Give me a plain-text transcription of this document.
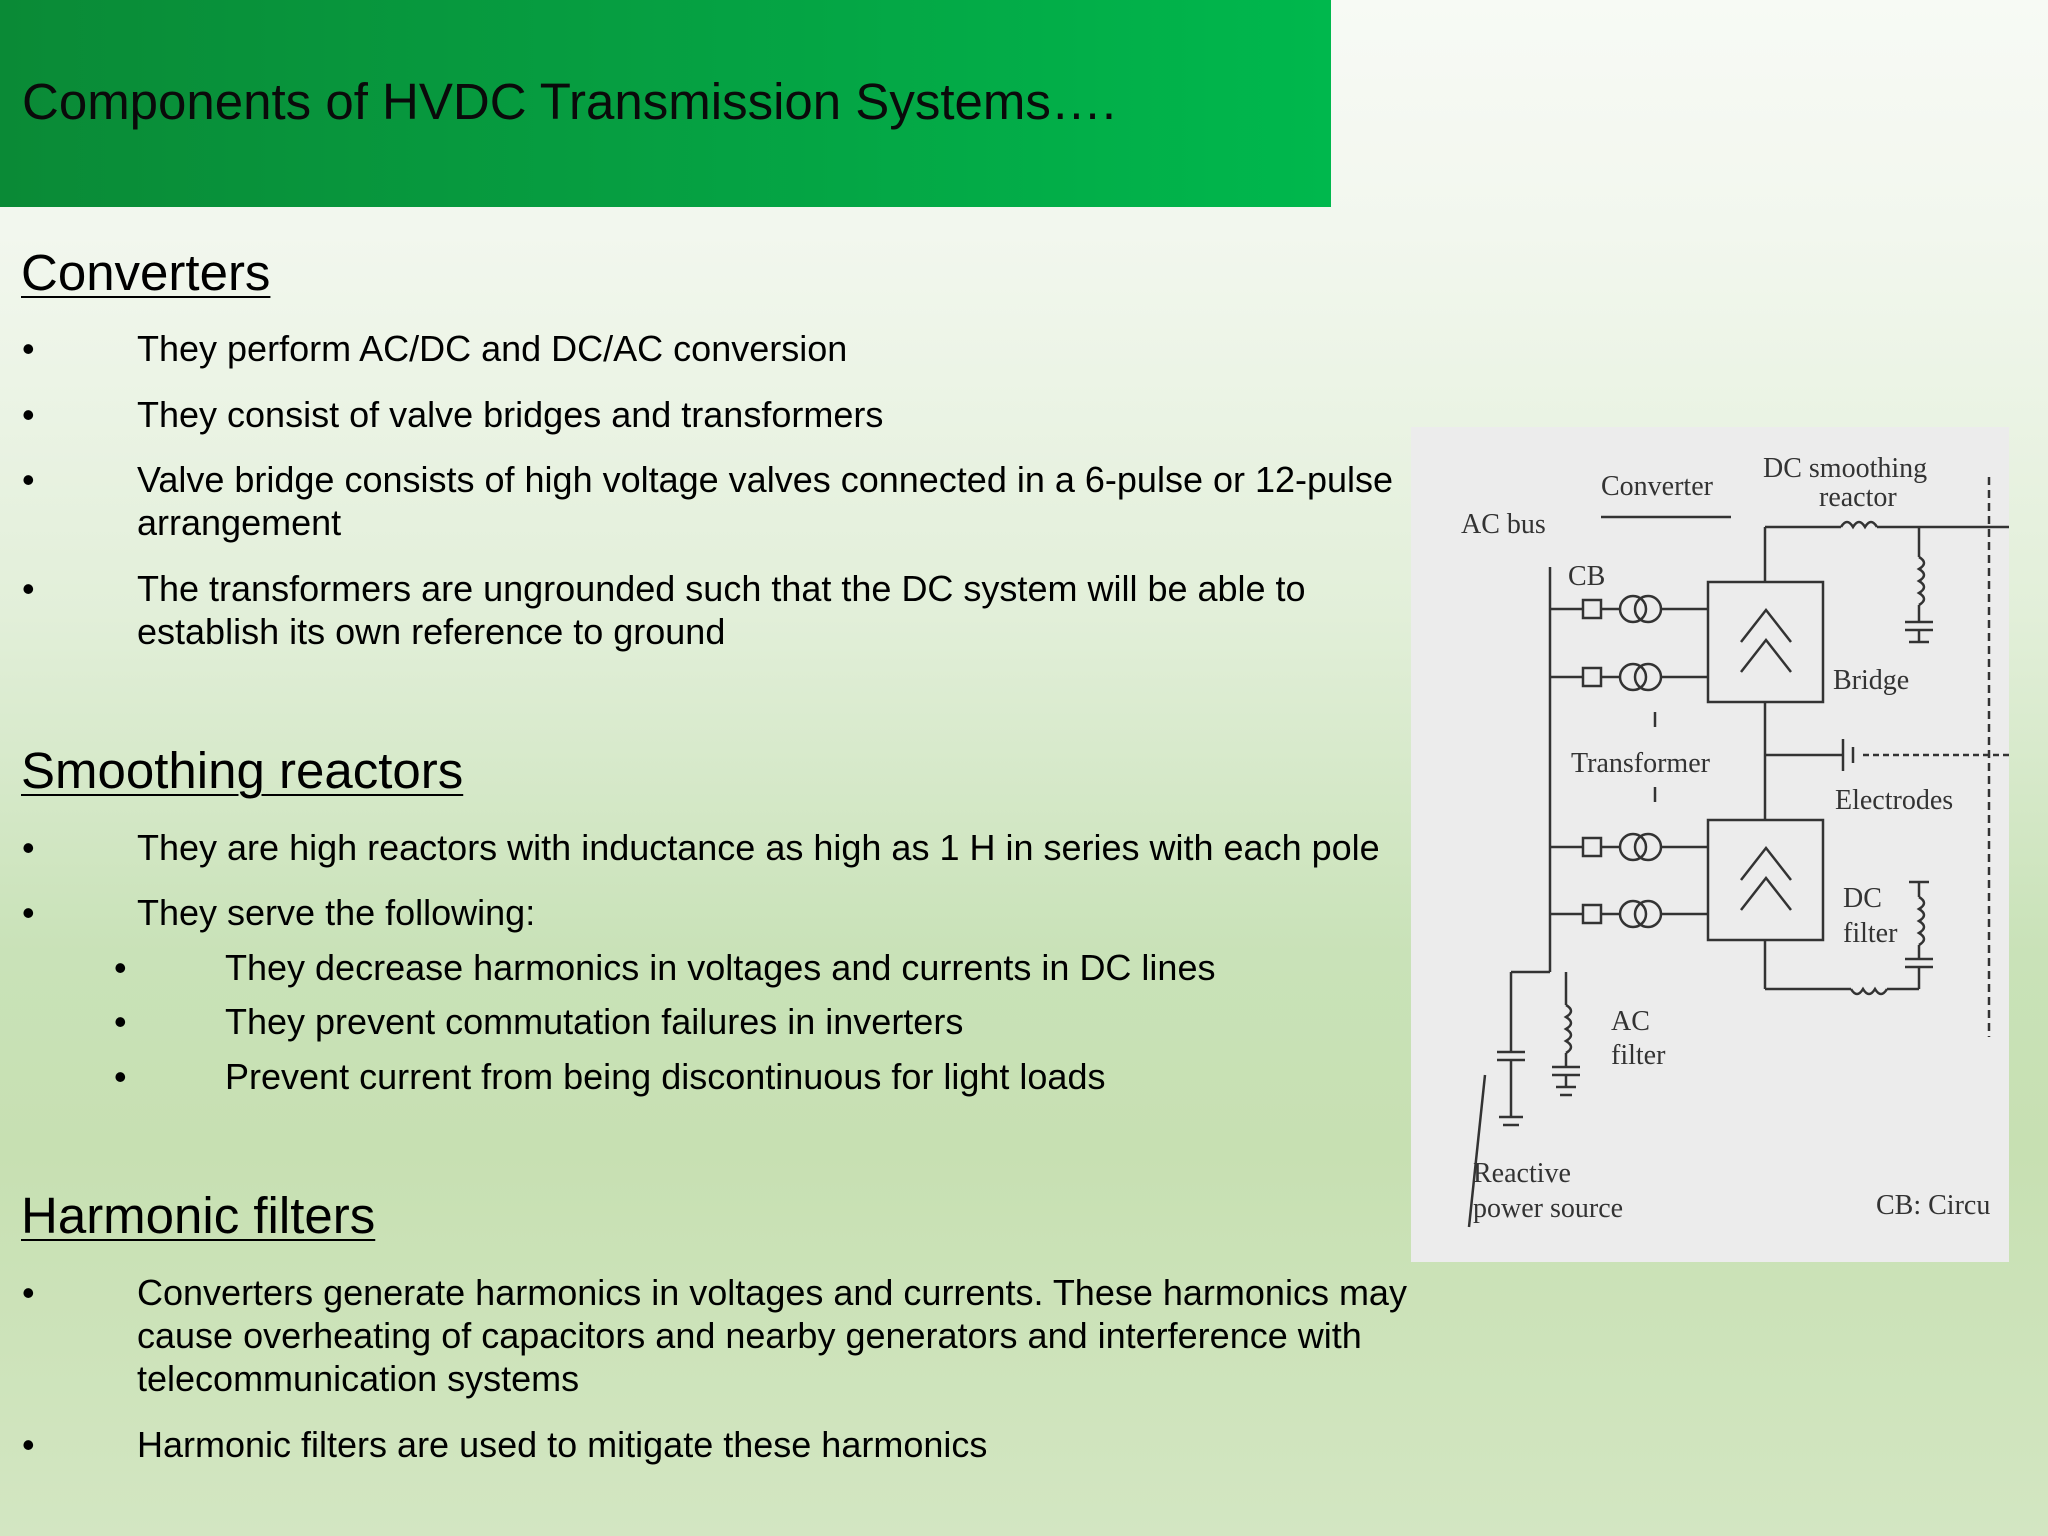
Components of HVDC Transmission Systems….
Converters
•	They perform AC/DC and DC/AC conversion
•	They consist of valve bridges and transformers
•	Valve bridge consists of high voltage valves connected in a 6-pulse or 12-pulse
arrangement
•	The transformers are ungrounded such that the DC system will be able to
establish its own reference to ground
Smoothing reactors
•	They are high reactors with inductance as high as 1 H in series with each pole
•	They serve the following:
•	They decrease harmonics in voltages and currents in DC lines
•	They prevent commutation failures in inverters
•	Prevent current from being discontinuous for light loads
Harmonic filters
•	Converters generate harmonics in voltages and currents. These harmonics may
cause overheating of capacitors and nearby generators and interference with
telecommunication systems
•	Harmonic filters are used to mitigate these harmonics
DC smoothing
reactor
Converter
AC bus
CB
Bridge
Transformer
Electrodes
DC
filter
AC
filter
Reactive
power source	CB: Circu
